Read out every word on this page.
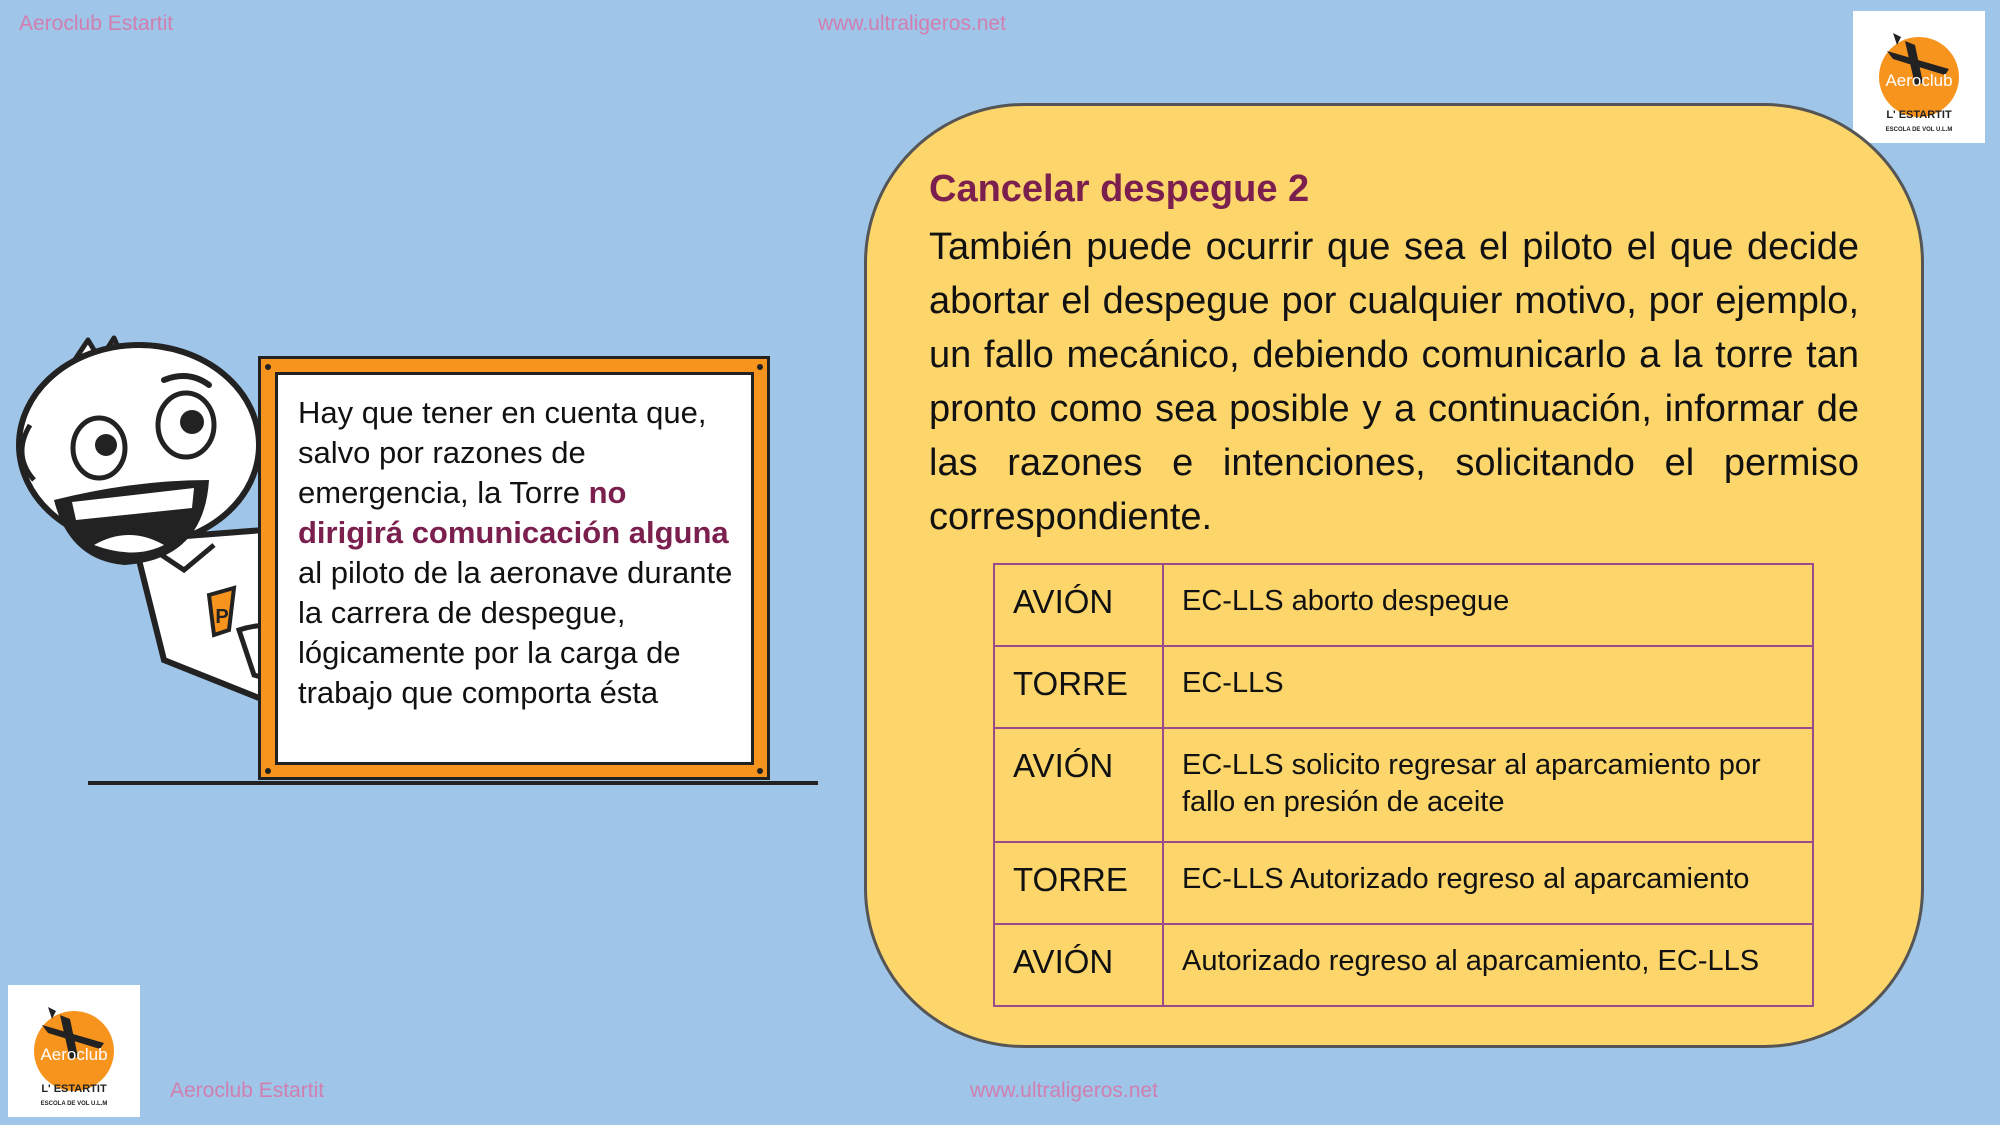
Aeroclub Estartit	www.ultraligeros.net
Aeroclub Estartit	www.ultraligeros.net
Aeroclub
L' ESTARTIT
ESCOLA DE VOL U.L.M
Aeroclub
L' ESTARTIT
ESCOLA DE VOL U.L.M
P
Hay que tener en cuenta que, salvo por razones de emergencia, la Torre no dirigirá comunicación alguna al piloto de la aeronave durante la carrera de despegue, lógicamente por la carga de trabajo que comporta ésta
Cancelar despegue 2

También puede ocurrir que sea el piloto el que decide abortar el despegue por cualquier motivo, por ejemplo, un fallo mecánico, debiendo comunicarlo a la torre tan pronto como sea posible y a continuación, informar de las razones e intenciones, solicitando el permiso correspondiente.

AVIÓN	EC-LLS aborto despegue
TORRE	EC-LLS
AVIÓN	EC-LLS solicito regresar al aparcamiento por fallo en presión de aceite
TORRE	EC-LLS Autorizado regreso al aparcamiento
AVIÓN	Autorizado regreso al aparcamiento, EC-LLS
